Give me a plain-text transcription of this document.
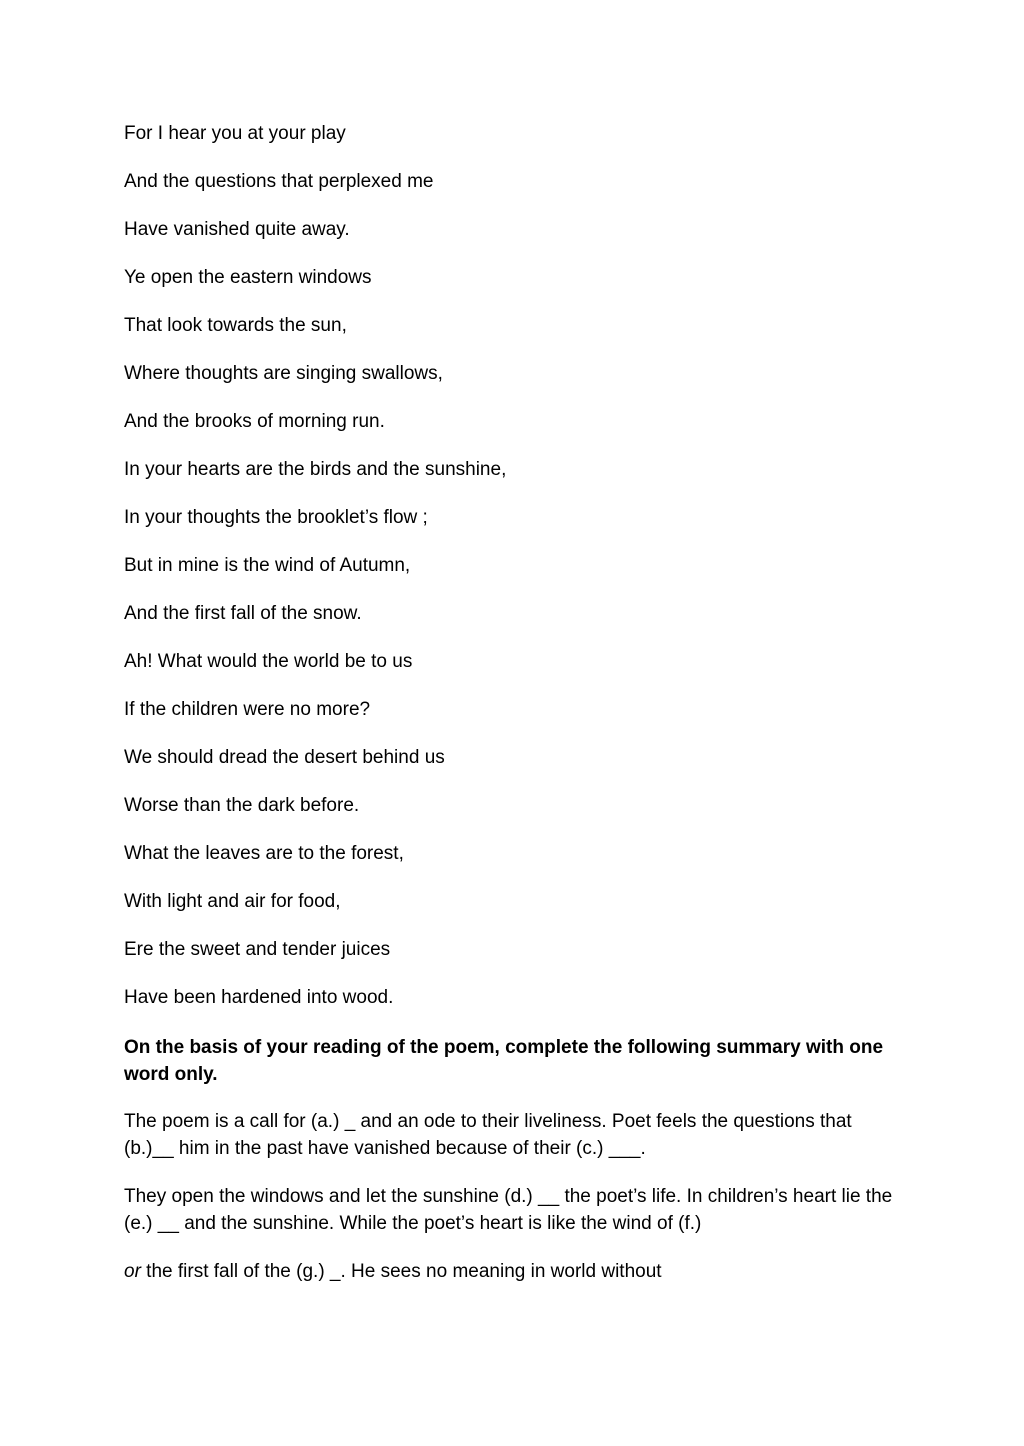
For I hear you at your play

And the questions that perplexed me

Have vanished quite away.

Ye open the eastern windows

That look towards the sun,

Where thoughts are singing swallows,

And the brooks of morning run.

In your hearts are the birds and the sunshine,

In your thoughts the brooklet’s flow ;

But in mine is the wind of Autumn,

And the first fall of the snow.

Ah! What would the world be to us

If the children were no more?

We should dread the desert behind us

Worse than the dark before.

What the leaves are to the forest,

With light and air for food,

Ere the sweet and tender juices

Have been hardened into wood.

On the basis of your reading of the poem, complete the following summary with one word only.

The poem is a call for (a.) _ and an ode to their liveliness. Poet feels the questions that (b.)__ him in the past have vanished because of their (c.) ___.

They open the windows and let the sunshine (d.) __ the poet’s life. In children’s heart lie the (e.) __ and the sunshine. While the poet’s heart is like the wind of (f.)

or the first fall of the (g.) _. He sees no meaning in world without
